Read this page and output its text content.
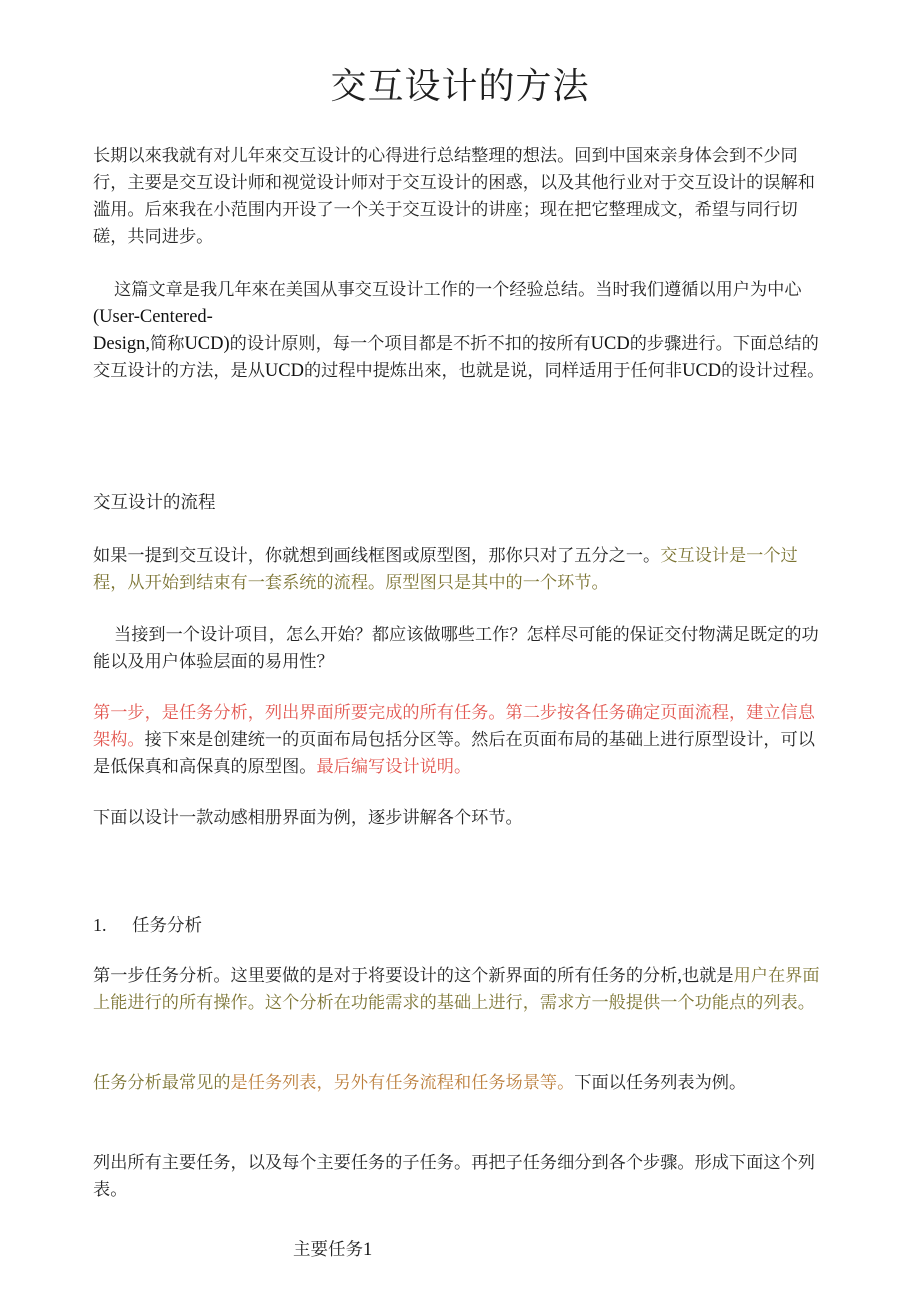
交互设计的方法

长期以來我就有对儿年來交互设计的心得进行总结整理的想法。回到中国來亲身体会到不少同行，主要是交互设计师和视觉设计师对于交互设计的困惑，以及其他行业对于交互设计的误解和滥用。后來我在小范围内开设了一个关于交互设计的讲座；现在把它整理成文，希望与同行切磋，共同进步。

这篇文章是我几年來在美国从事交互设计工作的一个经验总结。当时我们遵循以用户为中心(User-Centered-
Design,简称UCD)的设计原则，每一个项目都是不折不扣的按所有UCD的步骤进行。下面总结的交互设计的方法，是从UCD的过程中提炼出來，也就是说，同样适用于任何非UCD的设计过程。

交互设计的流程

如果一提到交互设计，你就想到画线框图或原型图，那你只对了五分之一。交互设计是一个过程，从开始到结束有一套系统的流程。原型图只是其中的一个环节。

当接到一个设计项目，怎么开始？都应该做哪些工作？怎样尽可能的保证交付物满足既定的功能以及用户体验层面的易用性？

第一步，是任务分析，列出界面所要完成的所有任务。第二步按各任务确定页面流程，建立信息架构。接下來是创建统一的页面布局包括分区等。然后在页面布局的基础上进行原型设计，可以是低保真和高保真的原型图。最后编写设计说明。

下面以设计一款动感相册界面为例，逐步讲解各个环节。

1. 任务分析

第一步任务分析。这里要做的是对于将要设计的这个新界面的所有任务的分析,也就是用户在界面上能进行的所有操作。这个分析在功能需求的基础上进行，需求方一般提供一个功能点的列表。

任务分析最常见的是任务列表，另外有任务流程和任务场景等。下面以任务列表为例。

列出所有主要任务，以及每个主要任务的子任务。再把子任务细分到各个步骤。形成下面这个列表。

主要任务1
